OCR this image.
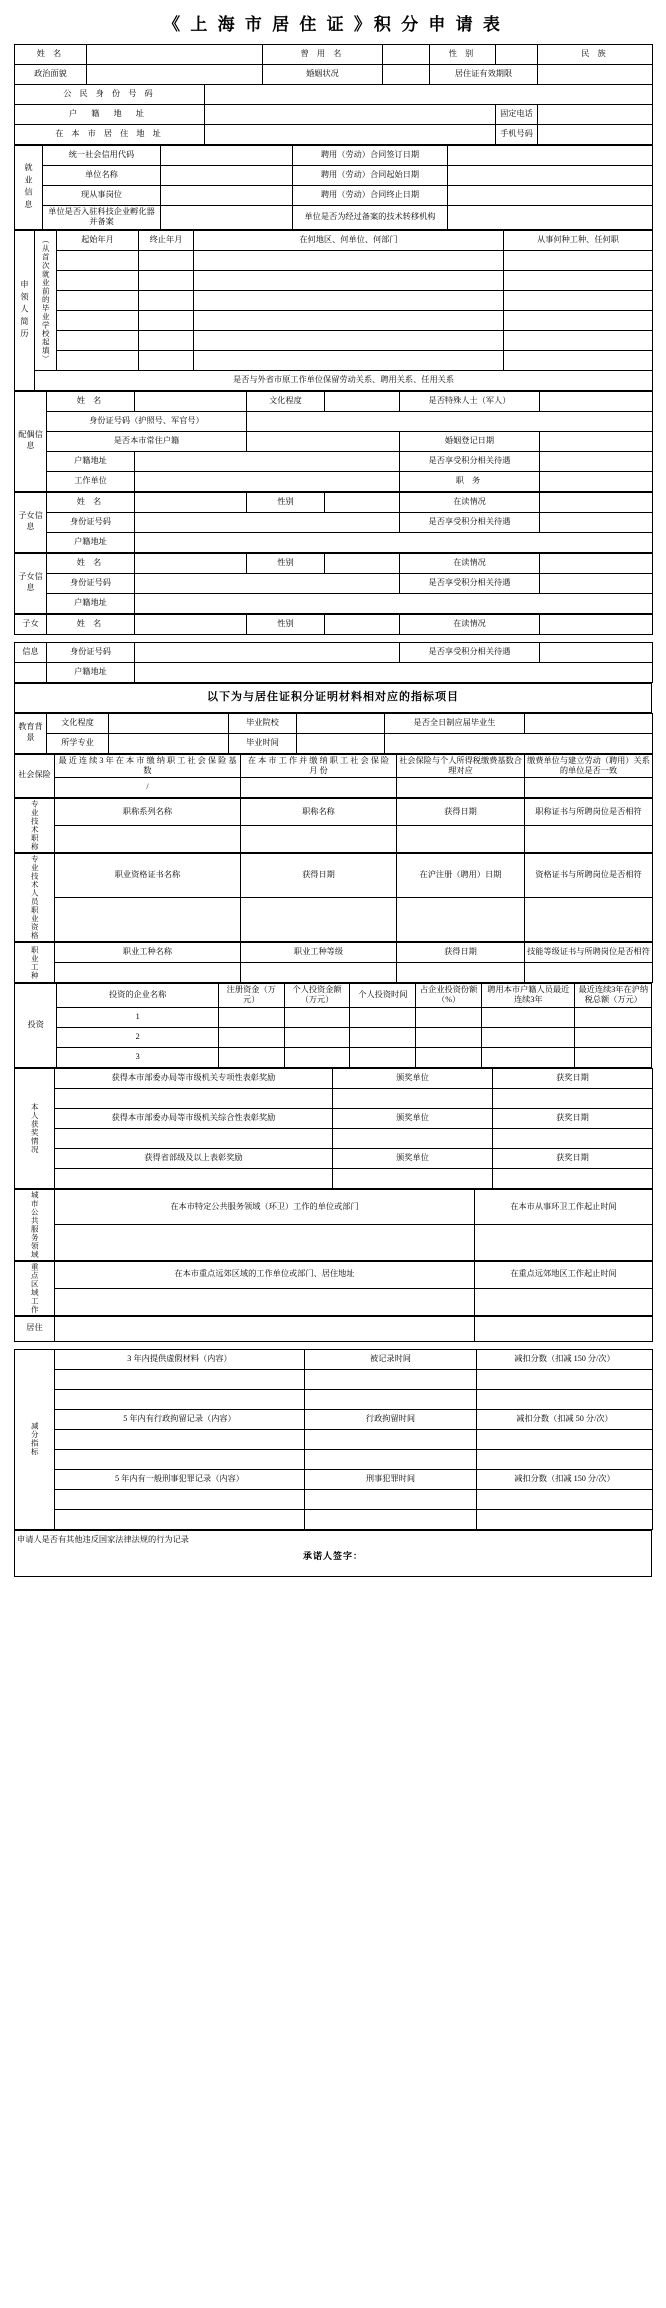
《 上 海 市 居 住 证 》积 分 申 请 表
姓 名			曾 用 名		性 别		民 族
政治面貌			婚姻状况		居住证有效期限		
公 民 身 份 号 码							
户 籍 地 址						固定电话	
在 本 市 居 住 地 址						手机号码	
就业信息	统一社会信用代码		聘用（劳动）合同签订日期	
	单位名称		聘用（劳动）合同起始日期	
	现从事岗位		聘用（劳动）合同终止日期	
	单位是否入驻科技企业孵化器并备案		单位是否为经过备案的技术转移机构	
申领人简历	（从首次就业前的毕业学校起填）	起始年月	终止年月	在何地区、何单位、何部门	从事何种工种、任何职

	是否与外省市原工作单位保留劳动关系、聘用关系、任用关系				
配偶信息	姓 名		文化程度		是否特殊人士（军人）	
	身份证号码（护照号、军官号）					
	是否本市常住户籍				婚姻登记日期	
	户籍地址				是否享受积分相关待遇	
	工作单位				职 务	
子女信息	姓 名		性别		在读情况	
	身份证号码				是否享受积分相关待遇	
	户籍地址					
子女信息	姓 名		性别		在读情况	
	身份证号码				是否享受积分相关待遇	
	户籍地址					
子女	姓 名		性别		在读情况	
信息	身份证号码		是否享受积分相关待遇	
	户籍地址			
以下为与居住证积分证明材料相对应的指标项目
教育背景	文化程度		毕业院校		是否全日制应届毕业生	
	所学专业		毕业时间			
社会保险	最 近 连 续 3 年 在 本 市 缴 纳 职 工 社 会 保 险 基 数	在 本 市 工 作 并 缴 纳 职 工 社 会 保 险 月 份	社会保险与个人所得税缴费基数合理对应	缴费单位与建立劳动（聘用）关系的单位是否一致
	/			
专业技术职称	职称系列名称	职称名称	获得日期	职称证书与所聘岗位是否相符

专业技术人员职业资格	职业资格证书名称	获得日期	在沪注册（聘用）日期	资格证书与所聘岗位是否相符

职业工种	职业工种名称	职业工种等级	获得日期	技能等级证书与所聘岗位是否相符

投资	投资的企业名称	注册资金（万元）	个人投资金额（万元）	个人投资时间	占企业投资份额（%）	聘用本市户籍人员最近连续3年	最近连续3年在沪纳税总额（万元）
	1						
	2						
	3						
本人获奖情况	获得本市部委办局等市级机关专项性表彰奖励	颁奖单位	获奖日期

	获得本市部委办局等市级机关综合性表彰奖励	颁奖单位	获奖日期

	获得省部级及以上表彰奖励	颁奖单位	获奖日期

城市公共服务领域	在本市特定公共服务领域（环卫）工作的单位或部门	在本市从事环卫工作起止时间

重点区域工作	在本市重点远郊区域的工作单位或部门、居住地址	在重点远郊地区工作起止时间

居住		
减分指标	3 年内提供虚假材料（内容）	被记录时间	减扣分数（扣减 150 分/次）

	5 年内有行政拘留记录（内容）	行政拘留时间	减扣分数（扣减 50 分/次）

	5 年内有一般刑事犯罪记录（内容）	刑事犯罪时间	减扣分数（扣减 150 分/次）

申请人是否有其他违反国家法律法规的行为记录
承诺人签字：
